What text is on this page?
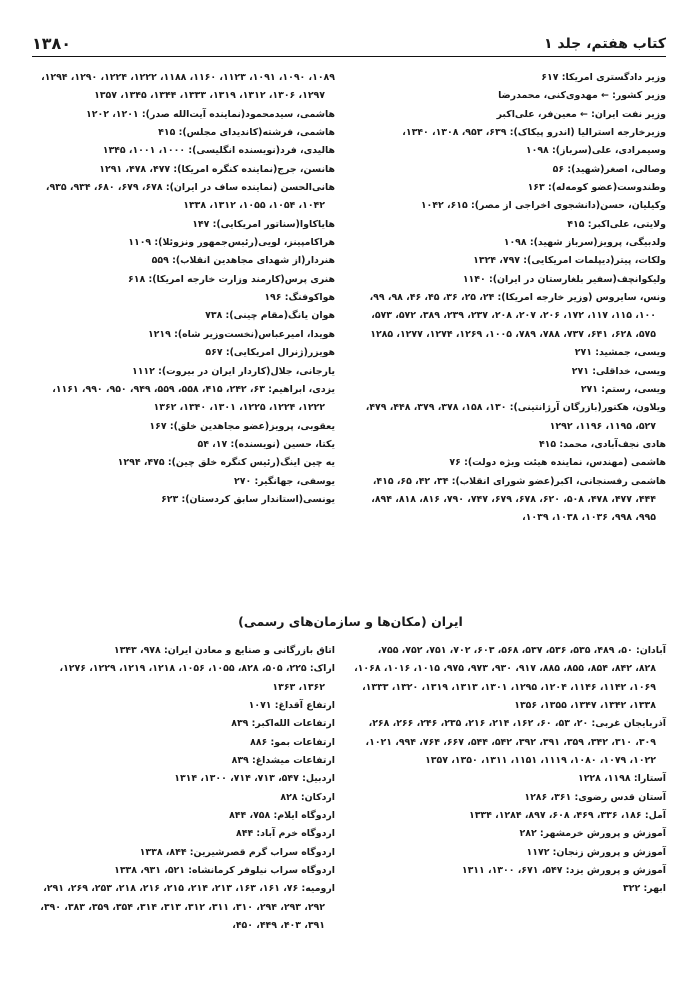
۱۳۸۰	کتاب هفتم، جلد ۱
وزیر دادگستری امریکا: ۶۱۷
وزیر کشور: ← مهدوی‌کنی، محمدرضا
وزیر نفت ایران: ← معین‌فر، علی‌اکبر
وزیرخارجه استرالیا (اندرو پیکاک): ۶۳۹، ۹۵۳، ۱۳۰۸، ۱۳۴۰،
وسیمرادی، علی(سرباز): ۱۰۹۸
وصالی، اصغر(شهید): ۵۶
وطندوست(عضو کومه‌له): ۱۶۳
وکیلیان، حسن(دانشجوی اخراجی از مصر): ۶۱۵، ۱۰۴۲
ولایتی، علی‌اکبر: ۴۱۵
ولدبیگی، پرویز(سرباز شهید): ۱۰۹۸
ولکات، پیتر(دیپلمات امریکایی): ۷۹۷، ۱۳۲۴
ولیکوانچف(سفیر بلغارستان در ایران): ۱۱۴۰
ونس، سایروس (وزیر خارجه امریکا): ۲۴، ۲۵، ۳۶، ۴۵، ۴۶، ۹۸، ۹۹، ۱۰۰، ۱۱۵، ۱۱۷، ۱۷۲، ۲۰۶، ۲۰۷، ۲۰۸، ۲۳۷، ۲۳۹، ۳۸۹، ۵۷۲، ۵۷۳، ۵۷۵، ۶۲۸، ۶۴۱، ۷۳۷، ۷۸۸، ۷۸۹، ۱۰۰۵، ۱۲۶۹، ۱۲۷۴، ۱۲۷۷، ۱۲۸۵
ویسی، جمشید: ۲۷۱
ویسی، خداقلی: ۲۷۱
ویسی، رستم: ۲۷۱
ویلاون، هکتور(بازرگان آرژانتینی): ۱۳۰، ۱۵۸، ۳۷۸، ۳۷۹، ۴۴۸، ۴۷۹، ۵۲۷، ۱۱۹۵، ۱۱۹۶، ۱۲۹۲
هادی نجف‌آبادی، محمد: ۴۱۵
هاشمی (مهندس، نماینده هیئت ویژه دولت): ۷۶
هاشمی رفسنجانی، اکبر(عضو شورای انقلاب): ۳۴، ۴۲، ۶۵، ۴۱۵، ۴۴۴، ۴۷۷، ۴۷۸، ۵۰۸، ۶۲۰، ۶۷۸، ۶۷۹، ۷۴۷، ۷۹۰، ۸۱۶، ۸۱۸، ۸۹۴، ۹۹۵، ۹۹۸، ۱۰۳۶، ۱۰۳۸، ۱۰۳۹،
۱۰۸۹، ۱۰۹۰، ۱۰۹۱، ۱۱۲۳، ۱۱۶۰، ۱۱۸۸، ۱۲۲۲، ۱۲۲۴، ۱۲۹۰، ۱۲۹۴، ۱۲۹۷، ۱۳۰۶، ۱۳۱۲، ۱۳۱۹، ۱۳۳۳، ۱۳۴۴، ۱۳۴۵، ۱۳۵۷
هاشمی، سیدمحمود(نماینده آیت‌الله صدر): ۱۲۰۱، ۱۲۰۲
هاشمی، فرشته(کاندیدای مجلس): ۴۱۵
هالیدی، فرد(نویسنده انگلیسی): ۱۰۰۰، ۱۰۰۱، ۱۳۴۵
هانسن، جرج(نماینده کنگره امریکا): ۴۷۷، ۴۷۸، ۱۲۹۱
هانی‌الحسن (نماینده ساف در ایران): ۶۷۸، ۶۷۹، ۶۸۰، ۹۳۴، ۹۳۵، ۱۰۴۲، ۱۰۵۴، ۱۰۵۵، ۱۳۱۲، ۱۳۳۸
هایاکاوا(سناتور امریکایی): ۱۴۷
هراکامپینز، لویی(رئیس‌جمهور ونزوئلا): ۱۱۰۹
هنردار(از شهدای مجاهدین انقلاب): ۵۵۹
هنری پرس(کارمند وزارت خارجه امریکا): ۶۱۸
هواکوفنگ: ۱۹۶
هوان یانگ(مقام چینی): ۷۳۸
هویدا، امیرعباس(نخست‌وزیر شاه): ۱۲۱۹
هویزر(ژنرال امریکایی): ۵۶۷
یارجانی، جلال(کاردار ایران در بیروت): ۱۱۱۲
یزدی، ابراهیم: ۶۳، ۲۴۲، ۴۱۵، ۵۵۸، ۵۵۹، ۹۴۹، ۹۵۰، ۹۹۰، ۱۱۶۱، ۱۲۲۲، ۱۲۲۴، ۱۲۲۵، ۱۳۰۱، ۱۳۴۰، ۱۳۶۲
یعقوبی، پرویز(عضو مجاهدین خلق): ۱۶۷
یکتا، حسین (نویسنده): ۱۷، ۵۴
یه چین اینگ(رئیس کنگره خلق چین): ۴۷۵، ۱۲۹۴
یوسفی، جهانگیر: ۲۷۰
یونسی(استاندار سابق کردستان): ۶۲۳
ایران (مکان‌ها و سازمان‌های رسمی)
آبادان: ۵۰، ۴۸۹، ۵۳۵، ۵۳۶، ۵۳۷، ۵۶۸، ۶۰۳، ۷۰۲، ۷۵۱، ۷۵۲، ۷۵۵، ۸۲۸، ۸۴۲، ۸۵۴، ۸۵۵، ۸۸۵، ۹۱۷، ۹۳۰، ۹۷۳، ۹۷۵، ۱۰۱۵، ۱۰۱۶، ۱۰۶۸، ۱۰۶۹، ۱۱۴۲، ۱۱۴۶، ۱۲۰۴، ۱۲۹۵، ۱۳۰۱، ۱۳۱۳، ۱۳۱۹، ۱۳۲۰، ۱۳۳۳، ۱۳۳۸، ۱۳۴۲، ۱۳۴۷، ۱۳۵۵، ۱۳۵۶
آذربایجان غربی: ۲۰، ۵۳، ۶۰، ۱۶۲، ۲۱۴، ۲۱۶، ۲۳۵، ۲۴۶، ۲۶۶، ۲۶۸، ۳۰۹، ۳۱۰، ۳۴۲، ۳۵۹، ۳۹۱، ۳۹۲، ۵۴۲، ۵۴۴، ۶۶۷، ۷۶۴، ۹۹۴، ۱۰۲۱، ۱۰۲۲، ۱۰۷۹، ۱۰۸۰، ۱۱۱۹، ۱۱۵۱، ۱۳۱۱، ۱۳۵۰، ۱۳۵۷
آستارا: ۱۱۹۸، ۱۲۲۸
آستان قدس رضوی: ۳۶۱، ۱۲۸۶
آمل: ۱۸۶، ۳۳۶، ۴۶۹، ۶۰۸، ۸۹۷، ۱۲۸۴، ۱۳۳۴
آموزش و پرورش خرمشهر: ۲۸۲
آموزش و پرورش زنجان: ۱۱۷۲
آموزش و پرورش یزد: ۵۴۷، ۶۷۱، ۱۳۰۰، ۱۳۱۱
ابهر: ۳۲۲
اتاق بازرگانی و صنایع و معادن ایران: ۹۷۸، ۱۳۴۳
اراک: ۲۲۵، ۵۰۵، ۸۲۸، ۱۰۵۵، ۱۰۵۶، ۱۲۱۸، ۱۲۱۹، ۱۲۲۹، ۱۲۷۶، ۱۳۶۲، ۱۳۶۳
ارتفاع آقداغ: ۱۰۷۱
ارتفاعات الله‌اکبر: ۸۳۹
ارتفاعات بمو: ۸۸۶
ارتفاعات میشداغ: ۸۳۹
اردبیل: ۵۴۷، ۷۱۳، ۷۱۴، ۱۳۰۰، ۱۳۱۴
اردکان: ۸۲۸
اردوگاه ایلام: ۷۵۸، ۸۴۴
اردوگاه خرم آباد: ۸۴۴
اردوگاه سراب گرم قصرشیرین: ۸۴۴، ۱۳۳۸
اردوگاه سراب نیلوفر کرمانشاه: ۵۲۱، ۹۳۱، ۱۳۳۸
ارومیه: ۷۶، ۱۶۱، ۱۶۳، ۲۱۳، ۲۱۴، ۲۱۵، ۲۱۶، ۲۱۸، ۲۵۳، ۲۶۹، ۲۹۱، ۲۹۲، ۲۹۳، ۲۹۴، ۳۱۰، ۳۱۱، ۳۱۲، ۳۱۳، ۳۱۴، ۳۵۴، ۳۵۹، ۳۸۳، ۳۹۰، ۳۹۱، ۴۰۳، ۴۴۹، ۴۵۰،
